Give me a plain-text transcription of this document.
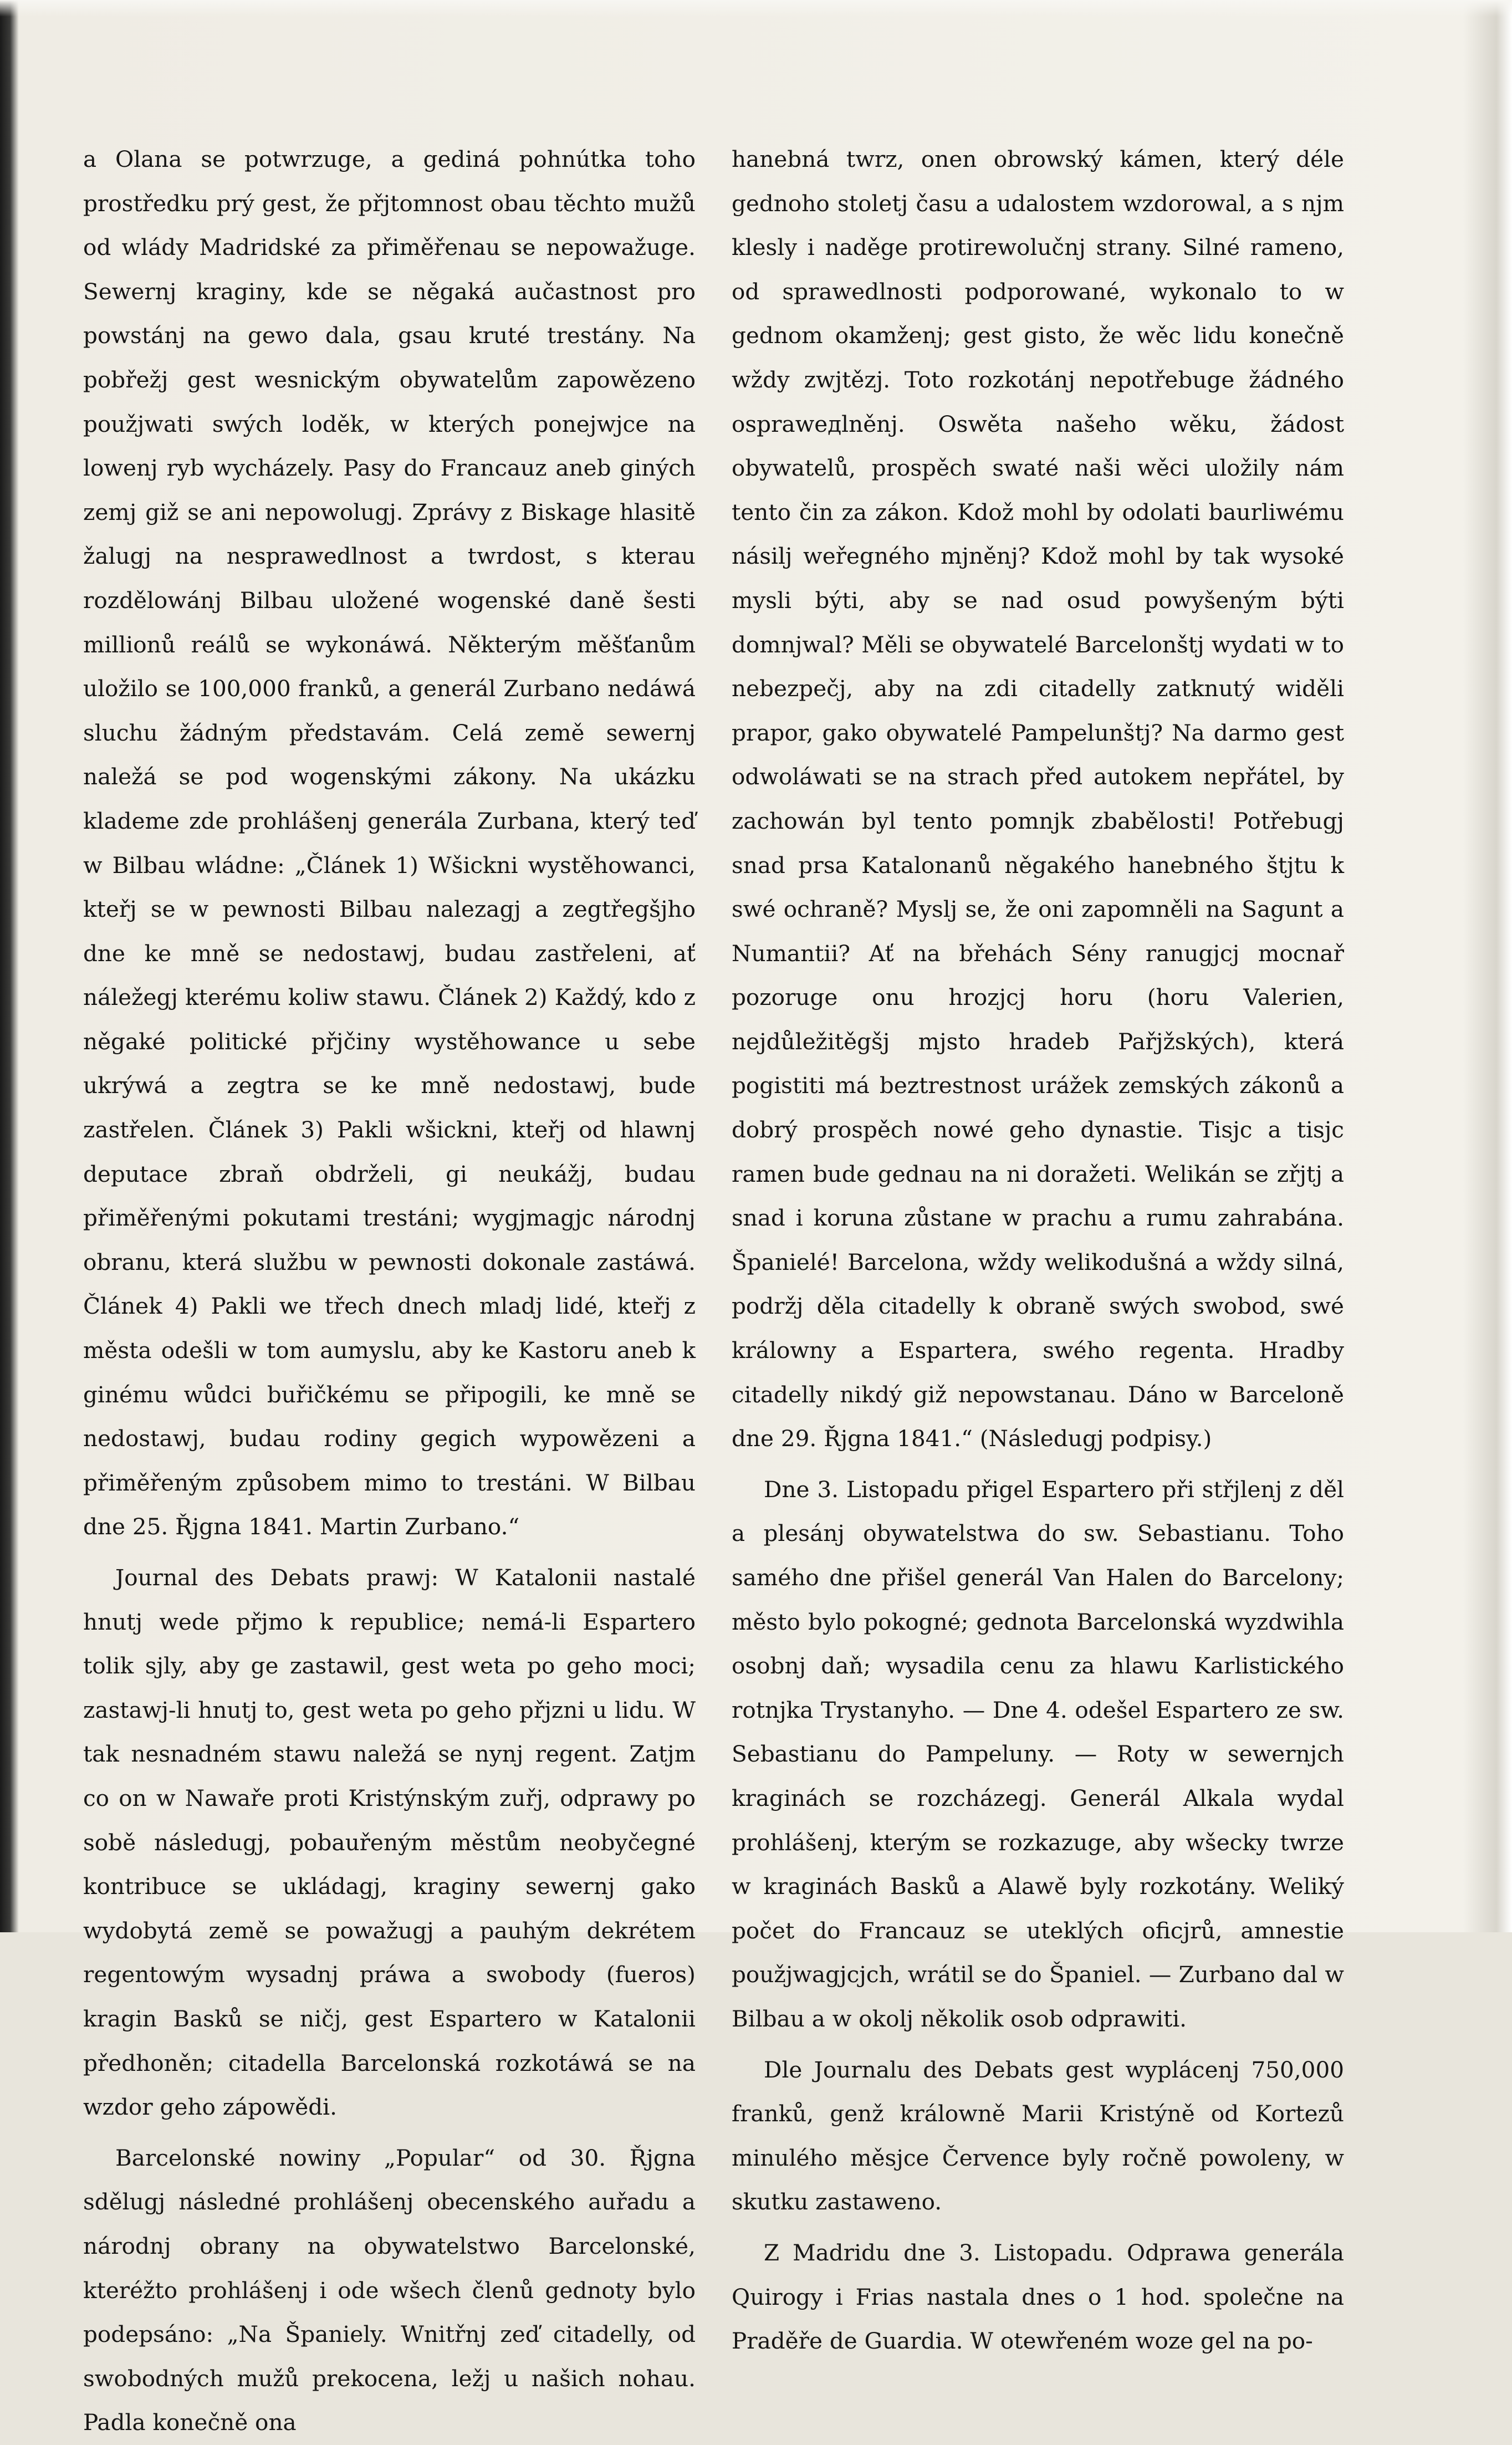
a Olana se potwrzuge, a gediná pohnútka toho prostředku prý gest, že přjtomnost obau těchto mužů od wlády Madridské za přiměřenau se nepowažuge. Sewernj kraginy, kde se něgaká aučastnost pro powstánj na gewo dala, gsau kruté trestány. Na pobřežj gest wesnickým obywatelům zapowězeno použjwati swých loděk, w kterých ponejwjce na lowenj ryb wycházely. Pasy do Francauz aneb giných zemj giž se ani nepowolugj. Zprávy z Biskage hlasitě žalugj na nesprawedlnost a twrdost, s kterau rozdělowánj Bilbau uložené wogenské daně šesti millionů reálů se wykonáwá. Některým měšťanům uložilo se 100,000 franků, a generál Zurbano nedáwá sluchu žádným představám. Celá země sewernj naležá se pod wogenskými zákony. Na ukázku klademe zde prohlášenj generála Zurbana, který teď w Bilbau wládne: „Článek 1) Wšickni wystěhowanci, kteřj se w pewnosti Bilbau nalezagj a zegtřegšjho dne ke mně se nedostawj, budau zastřeleni, ať náležegj kterému koliw stawu. Článek 2) Každý, kdo z něgaké politické přjčiny wystěhowance u sebe ukrýwá a zegtra se ke mně nedostawj, bude zastřelen. Článek 3) Pakli wšickni, kteřj od hlawnj deputace zbraň obdrželi, gi neukážj, budau přiměřenými pokutami trestáni; wygjmagjc národnj obranu, která službu w pewnosti dokonale zastáwá. Článek 4) Pakli we třech dnech mladj lidé, kteřj z města odešli w tom aumyslu, aby ke Kastoru aneb k ginému wůdci buřičkému se připogili, ke mně se nedostawj, budau rodiny gegich wypowězeni a přiměřeným způsobem mimo to trestáni. W Bilbau dne 25. Řjgna 1841. Martin Zurbano.“

Journal des Debats prawj: W Katalonii nastalé hnutj wede přjmo k republice; nemá-li Espartero tolik sjly, aby ge zastawil, gest weta po geho moci; zastawj-li hnutj to, gest weta po geho přjzni u lidu. W tak nesnadném stawu naležá se nynj regent. Zatjm co on w Nawaře proti Kristýnským zuřj, odprawy po sobě následugj, pobauřeným městům neobyčegné kontribuce se ukládagj, kraginy sewernj gako wydobytá země se powažugj a pauhým dekrétem regentowým wysadnj práwa a swobody (fueros) kragin Basků se ničj, gest Espartero w Katalonii předhoněn; citadella Barcelonská rozkotáwá se na wzdor geho zápowědi.

Barcelonské nowiny „Popular“ od 30. Řjgna sdělugj následné prohlášenj obecenského auřadu a národnj obrany na obywatelstwo Barcelonské, kteréžto prohlášenj i ode wšech členů gednoty bylo podepsáno: „Na Španiely. Wnitřnj zeď citadelly, od swobodných mužů prekocena, ležj u našich nohau. Padla konečně ona

hanebná twrz, onen obrowský kámen, který déle gednoho stoletj času a udalostem wzdorowal, a s njm klesly i naděge protirewolučnj strany. Silné rameno, od sprawedlnosti podporowané, wykonalo to w gednom okamženj; gest gisto, že wěc lidu konečně wždy zwjtězj. Toto rozkotánj nepotřebuge žádného ospraweдlněnj. Oswěta našeho wěku, žádost obywatelů, prospěch swaté naši wěci uložily nám tento čin za zákon. Kdož mohl by odolati baurliwému násilj weřegného mjněnj? Kdož mohl by tak wysoké mysli býti, aby se nad osud powyšeným býti domnjwal? Měli se obywatelé Barcelonštj wydati w to nebezpečj, aby na zdi citadelly zatknutý widěli prapor, gako obywatelé Pampelunštj? Na darmo gest odwoláwati se na strach před autokem nepřátel, by zachowán byl tento pomnjk zbabělosti! Potřebugj snad prsa Katalonanů něgakého hanebného štjtu k swé ochraně? Myslj se, že oni zapomněli na Sagunt a Numantii? Ať na břehách Sény ranugjcj mocnař pozoruge onu hrozjcj horu (horu Valerien, nejdůležitěgšj mjsto hradeb Pařjžských), která pogistiti má beztrestnost urážek zemských zákonů a dobrý prospěch nowé geho dynastie. Tisjc a tisjc ramen bude gednau na ni doražeti. Welikán se zřjtj a snad i koruna zůstane w prachu a rumu zahrabána. Španielé! Barcelona, wždy welikodušná a wždy silná, podržj děla citadelly k obraně swých swobod, swé králowny a Espartera, swého regenta. Hradby citadelly nikdý giž nepowstanau. Dáno w Barceloně dne 29. Řjgna 1841.“ (Následugj podpisy.)

Dne 3. Listopadu přigel Espartero při střjlenj z děl a plesánj obywatelstwa do sw. Sebastianu. Toho samého dne přišel generál Van Halen do Barcelony; město bylo pokogné; gednota Barcelonská wyzdwihla osobnj daň; wysadila cenu za hlawu Karlistického rotnjka Trystanyho. — Dne 4. odešel Espartero ze sw. Sebastianu do Pampeluny. — Roty w sewernjch kraginách se rozcházegj. Generál Alkala wydal prohlášenj, kterým se rozkazuge, aby wšecky twrze w kraginách Basků a Alawě byly rozkotány. Weliký počet do Francauz se uteklých oficjrů, amnestie použjwagjcjch, wrátil se do Španiel. — Zurbano dal w Bilbau a w okolj několik osob odprawiti.

Dle Journalu des Debats gest wyplácenj 750,000 franků, genž králowně Marii Kristýně od Kortezů minulého měsjce Července byly ročně powoleny, w skutku zastaweno.

Z Madridu dne 3. Listopadu. Odprawa generála Quirogy i Frias nastala dnes o 1 hod. společne na Praděře de Guardia. W otewřeném woze gel na po-
